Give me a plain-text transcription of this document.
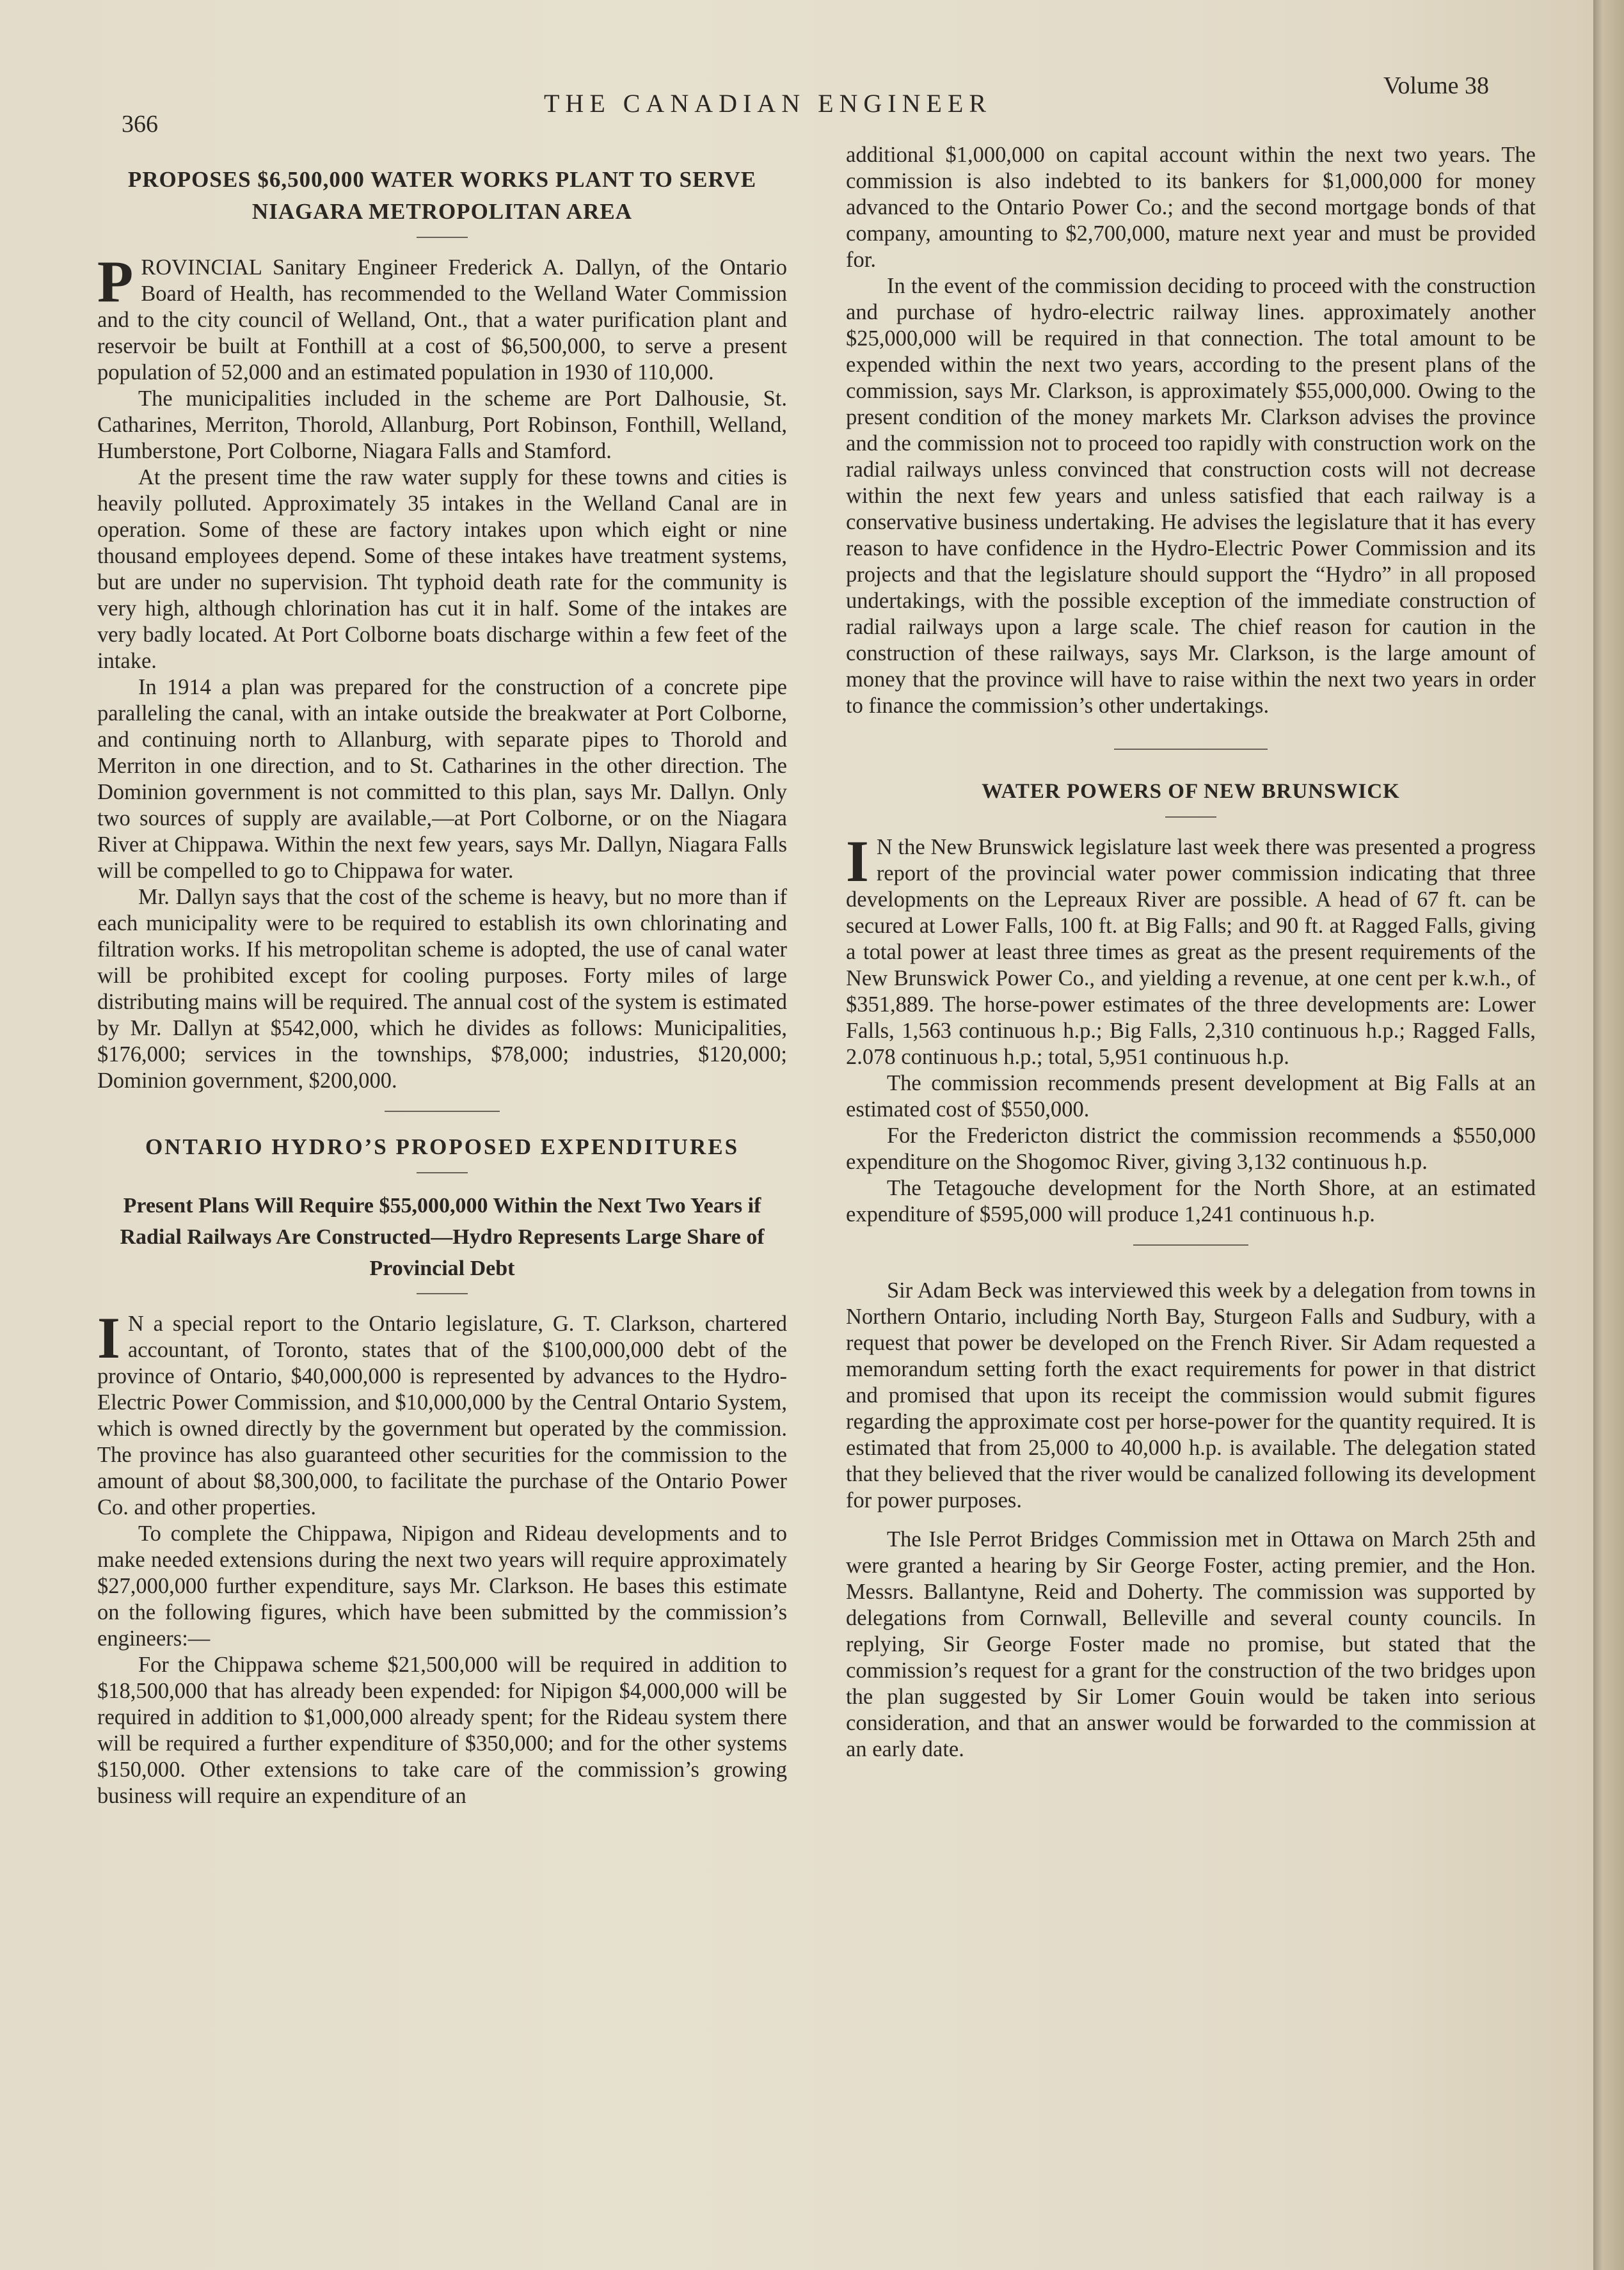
366
THE CANADIAN ENGINEER
Volume 38
PROPOSES $6,500,000 WATER WORKS PLANT TO SERVE NIAGARA METROPOLITAN AREA

PROVINCIAL Sanitary Engineer Frederick A. Dallyn, of the Ontario Board of Health, has recommended to the Welland Water Commission and to the city council of Welland, Ont., that a water purification plant and reservoir be built at Fonthill at a cost of $6,500,000, to serve a present population of 52,000 and an estimated population in 1930 of 110,000.

The municipalities included in the scheme are Port Dalhousie, St. Catharines, Merriton, Thorold, Allanburg, Port Robinson, Fonthill, Welland, Humberstone, Port Colborne, Niagara Falls and Stamford.

At the present time the raw water supply for these towns and cities is heavily polluted. Approximately 35 intakes in the Welland Canal are in operation. Some of these are factory intakes upon which eight or nine thousand employees depend. Some of these intakes have treatment systems, but are under no supervision. Tht typhoid death rate for the community is very high, although chlorination has cut it in half. Some of the intakes are very badly located. At Port Colborne boats discharge within a few feet of the intake.

In 1914 a plan was prepared for the construction of a concrete pipe paralleling the canal, with an intake outside the breakwater at Port Colborne, and continuing north to Allanburg, with separate pipes to Thorold and Merriton in one direction, and to St. Catharines in the other direction. The Dominion government is not committed to this plan, says Mr. Dallyn. Only two sources of supply are available,—at Port Colborne, or on the Niagara River at Chippawa. Within the next few years, says Mr. Dallyn, Niagara Falls will be compelled to go to Chippawa for water.

Mr. Dallyn says that the cost of the scheme is heavy, but no more than if each municipality were to be required to establish its own chlorinating and filtration works. If his metropolitan scheme is adopted, the use of canal water will be prohibited except for cooling purposes. Forty miles of large distributing mains will be required. The annual cost of the system is estimated by Mr. Dallyn at $542,000, which he divides as follows: Municipalities, $176,000; services in the townships, $78,000; industries, $120,000; Dominion government, $200,000.

ONTARIO HYDRO’S PROPOSED EXPENDITURES
Present Plans Will Require $55,000,000 Within the Next Two Years if Radial Railways Are Constructed—Hydro Represents Large Share of Provincial Debt

I N a special report to the Ontario legislature, G. T. Clarkson, chartered accountant, of Toronto, states that of the $100,000,000 debt of the province of Ontario, $40,000,000 is represented by advances to the Hydro-Electric Power Commission, and $10,000,000 by the Central Ontario System, which is owned directly by the government but operated by the commission. The province has also guaranteed other securities for the commission to the amount of about $8,300,000, to facilitate the purchase of the Ontario Power Co. and other properties.

To complete the Chippawa, Nipigon and Rideau developments and to make needed extensions during the next two years will require approximately $27,000,000 further expenditure, says Mr. Clarkson. He bases this estimate on the following figures, which have been submitted by the commission’s engineers:—

For the Chippawa scheme $21,500,000 will be required in addition to $18,500,000 that has already been expended: for Nipigon $4,000,000 will be required in addition to $1,000,000 already spent; for the Rideau system there will be required a further expenditure of $350,000; and for the other systems $150,000. Other extensions to take care of the commission’s growing business will require an expenditure of an

additional $1,000,000 on capital account within the next two years. The commission is also indebted to its bankers for $1,000,000 for money advanced to the Ontario Power Co.; and the second mortgage bonds of that company, amounting to $2,700,000, mature next year and must be provided for.

In the event of the commission deciding to proceed with the construction and purchase of hydro-electric railway lines. approximately another $25,000,000 will be required in that connection. The total amount to be expended within the next two years, according to the present plans of the commission, says Mr. Clarkson, is approximately $55,000,000. Owing to the present condition of the money markets Mr. Clarkson advises the province and the commission not to proceed too rapidly with construction work on the radial railways unless convinced that construction costs will not decrease within the next few years and unless satisfied that each railway is a conservative business undertaking. He advises the legislature that it has every reason to have confidence in the Hydro-Electric Power Commission and its projects and that the legislature should support the “Hydro” in all proposed undertakings, with the possible exception of the immediate construction of radial railways upon a large scale. The chief reason for caution in the construction of these railways, says Mr. Clarkson, is the large amount of money that the province will have to raise within the next two years in order to finance the commission’s other undertakings.

WATER POWERS OF NEW BRUNSWICK

I N the New Brunswick legislature last week there was presented a progress report of the provincial water power commission indicating that three developments on the Lepreaux River are possible. A head of 67 ft. can be secured at Lower Falls, 100 ft. at Big Falls; and 90 ft. at Ragged Falls, giving a total power at least three times as great as the present requirements of the New Brunswick Power Co., and yielding a revenue, at one cent per k.w.h., of $351,889. The horse-power estimates of the three developments are: Lower Falls, 1,563 continuous h.p.; Big Falls, 2,310 continuous h.p.; Ragged Falls, 2.078 continuous h.p.; total, 5,951 continuous h.p.

The commission recommends present development at Big Falls at an estimated cost of $550,000.

For the Fredericton district the commission recommends a $550,000 expenditure on the Shogomoc River, giving 3,132 continuous h.p.

The Tetagouche development for the North Shore, at an estimated expenditure of $595,000 will produce 1,241 continuous h.p.

Sir Adam Beck was interviewed this week by a delegation from towns in Northern Ontario, including North Bay, Sturgeon Falls and Sudbury, with a request that power be developed on the French River. Sir Adam requested a memorandum setting forth the exact requirements for power in that district and promised that upon its receipt the commission would submit figures regarding the approximate cost per horse-power for the quantity required. It is estimated that from 25,000 to 40,000 h.p. is available. The delegation stated that they believed that the river would be canalized following its development for power purposes.

The Isle Perrot Bridges Commission met in Ottawa on March 25th and were granted a hearing by Sir George Foster, acting premier, and the Hon. Messrs. Ballantyne, Reid and Doherty. The commission was supported by delegations from Cornwall, Belleville and several county councils. In replying, Sir George Foster made no promise, but stated that the commission’s request for a grant for the construction of the two bridges upon the plan suggested by Sir Lomer Gouin would be taken into serious consideration, and that an answer would be forwarded to the commission at an early date.
